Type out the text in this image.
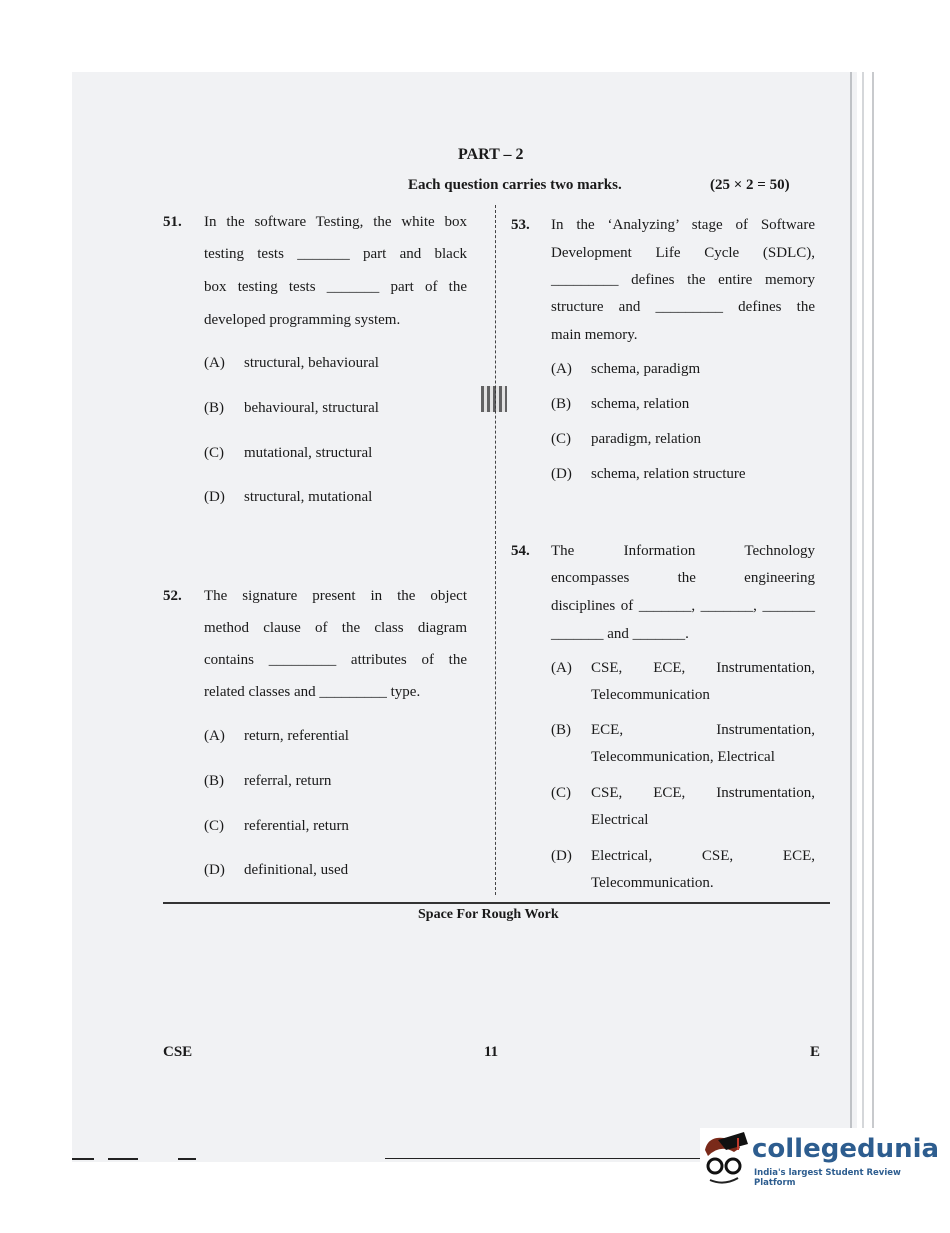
PART – 2
Each question carries two marks.	(25 × 2 = 50)
51. In the software Testing, the white box
testing tests _______ part and black
box testing tests _______ part of the
developed programming system.
(A) structural, behavioural
(B) behavioural, structural
(C) mutational, structural
(D) structural, mutational
52. The signature present in the object
method clause of the class diagram
contains _________ attributes of the
related classes and _________ type.
(A) return, referential
(B) referral, return
(C) referential, return
(D) definitional, used
53. In the ‘Analyzing’ stage of Software
Development Life Cycle (SDLC),
_________ defines the entire memory
structure and _________ defines the
main memory.
(A) schema, paradigm
(B) schema, relation
(C) paradigm, relation
(D) schema, relation structure
54. The Information Technology
encompasses the engineering
disciplines of _______, _______, _______
_______ and _______.
(A) CSE, ECE, Instrumentation,
Telecommunication
(B) ECE, Instrumentation,
Telecommunication, Electrical
(C) CSE, ECE, Instrumentation,
Electrical
(D) Electrical, CSE, ECE,
Telecommunication.
Space For Rough Work
CSE	11	E
collegedunia
India's largest Student Review Platform
